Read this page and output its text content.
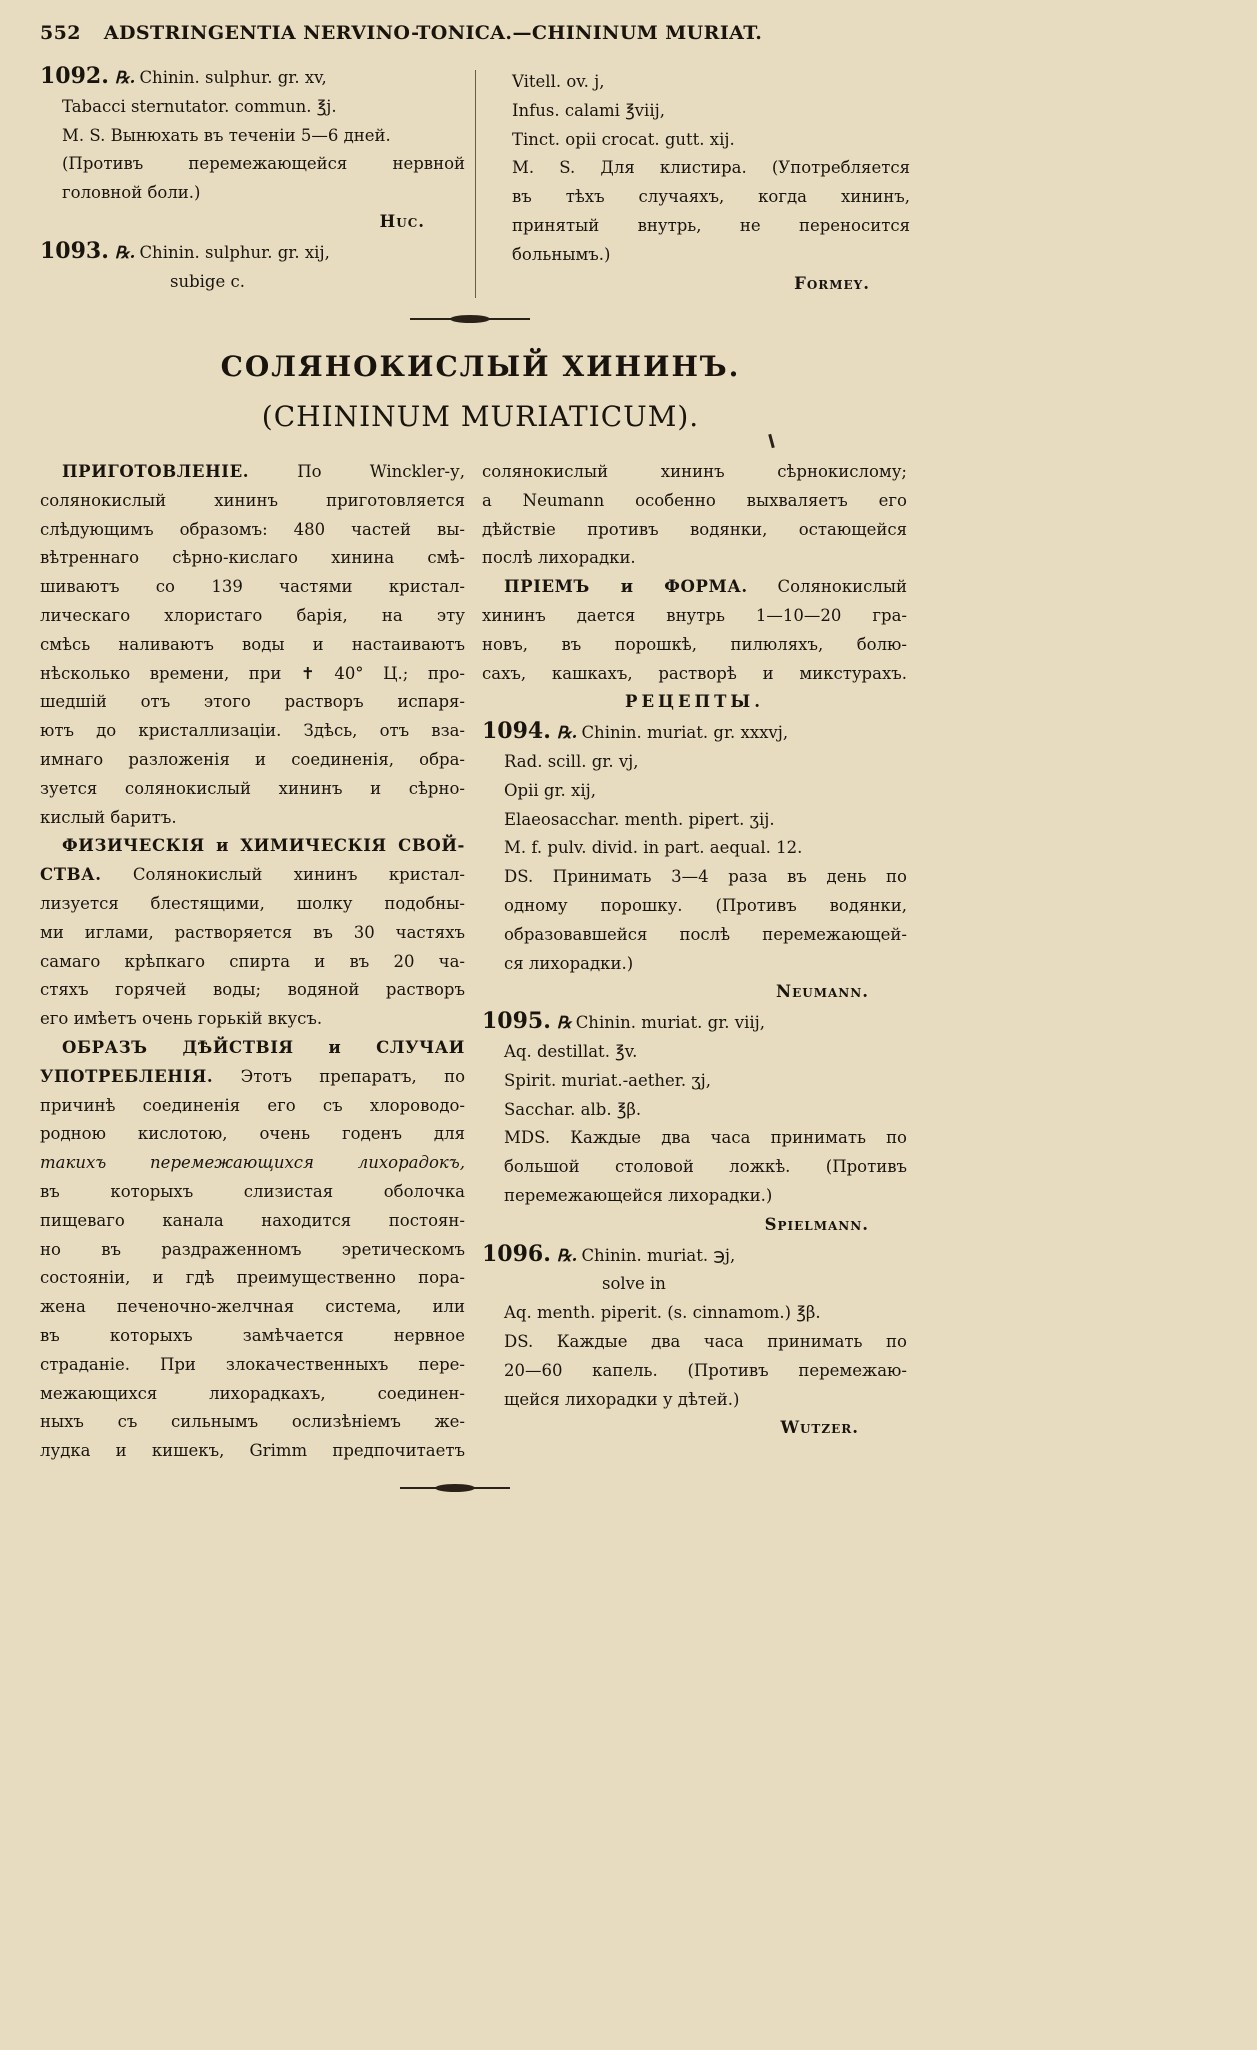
552 ADSTRINGENTIA NERVINO-TONICA.—CHININUM MURIAT.

1092. ℞. Chinin. sulphur. gr. xv,

Tabacci sternutator. commun. ℥j.

M. S. Вынюхать въ теченіи 5—6 дней.

(Противъ перемежающейся нервной

головной боли.)

Huc.

1093. ℞. Chinin. sulphur. gr. xij,

subige c.

Vitell. ov. j,

Infus. calami ℥viij,

Tinct. opii crocat. gutt. xij.

M. S. Для клистира. (Употребляется

въ тѣхъ случаяхъ, когда хининъ,

принятый внутрь, не переносится

больнымъ.)

Formey.

СОЛЯНОКИСЛЫЙ ХИНИНЪ.
(CHININUM MURIATICUM).

ПРИГОТОВЛЕНІЕ.	По Winckler-у,

солянокислый хининъ приготовляется

слѣдующимъ образомъ: 480 частей вы-

вѣтреннаго сѣрно-кислаго хинина смѣ-

шиваютъ со 139 частями кристал-

лическаго хлористаго барія, на эту

смѣсь наливаютъ воды и настаиваютъ

нѣсколько времени, при ✝ 40° Ц.; про-

шедшій отъ этого растворъ испаря-

ютъ до кристаллизаціи. Здѣсь, отъ вза-

имнаго разложенія и соединенія, обра-

зуется солянокислый хининъ и сѣрно-

кислый баритъ.

ФИЗИЧЕСКІЯ и ХИМИЧЕСКІЯ СВОЙ-

СТВА. Солянокислый хининъ кристал-

лизуется блестящими, шолку подобны-

ми иглами, растворяется въ 30 частяхъ

самаго крѣпкаго спирта и въ 20 ча-

стяхъ горячей воды; водяной растворъ

его имѣетъ очень горькій вкусъ.

ОБРАЗЪ ДѢЙСТВІЯ и СЛУЧАИ

УПОТРЕБЛЕНІЯ. Этотъ препаратъ, по

причинѣ соединенія его съ хлороводо-

родною кислотою, очень годенъ для

такихъ перемежающихся лихорадокъ,

въ которыхъ слизистая оболочка

пищеваго канала находится постоян-

но въ раздраженномъ эретическомъ

состояніи, и гдѣ преимущественно пора-

жена печеночно-желчная система, или

въ которыхъ замѣчается нервное

страданіе. При злокачественныхъ пере-

межающихся лихорадкахъ, соединен-

ныхъ съ сильнымъ ослизѣніемъ же-

лудка и кишекъ, Grimm предпочитаетъ

солянокислый хининъ сѣрнокислому;

а Neumann особенно выхваляетъ его

дѣйствіе противъ водянки, остающейся

послѣ лихорадки.

ПРІЕМЪ и ФОРМА. Солянокислый

хининъ дается внутрь 1—10—20 гра-

новъ, въ порошкѣ, пилюляхъ, болю-

сахъ, кашкахъ, растворѣ и микстурахъ.

РЕЦЕПТЫ.

1094. ℞. Chinin. muriat. gr. xxxvj,

Rad. scill. gr. vj,

Opii gr. xij,

Elaeosacchar. menth. pipert. ʒij.

M. f. pulv. divid. in part. aequal. 12.

DS. Принимать 3—4 раза въ день по

одному порошку. (Противъ водянки,

образовавшейся послѣ перемежающей-

ся лихорадки.)

Neumann.

1095. ℞ Chinin. muriat. gr. viij,

Aq. destillat. ℥v.

Spirit. muriat.-aether. ʒj,

Sacchar. alb. ℥β.

MDS. Каждые два часа принимать по

большой столовой ложкѣ. (Противъ

перемежающейся лихорадки.)

Spielmann.

1096. ℞. Chinin. muriat. ℈j,

solve in

Aq. menth. piperit. (s. cinnamom.) ℥β.

DS. Каждые два часа принимать по

20—60 капель. (Противъ перемежаю-

щейся лихорадки у дѣтей.)

Wutzer.
